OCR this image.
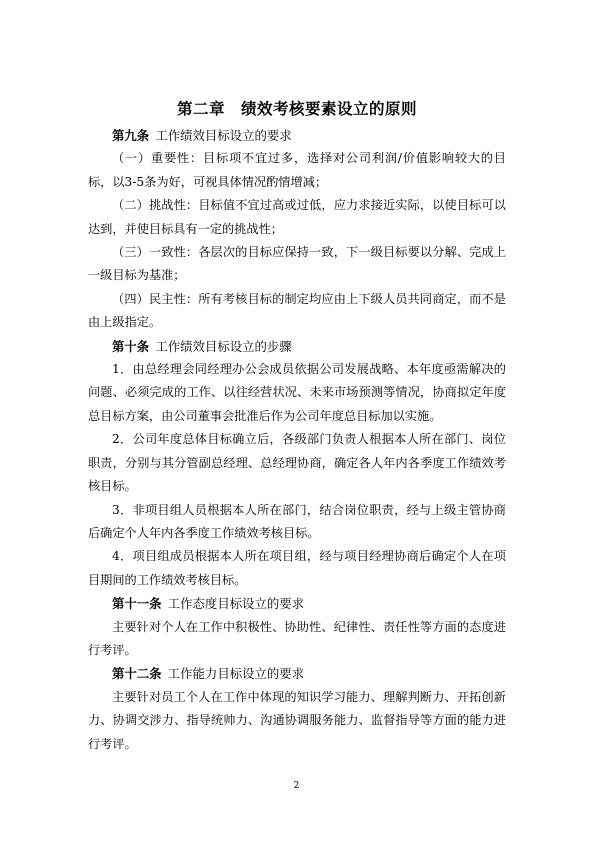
第二章　绩效考核要素设立的原则

第九条  工作绩效目标设立的要求

（一）重要性：目标项不宜过多，选择对公司利润/价值影响较大的目标，以3-5条为好，可视具体情况酌情增减；

（二）挑战性：目标值不宜过高或过低，应力求接近实际，以使目标可以达到，并使目标具有一定的挑战性；

（三）一致性：各层次的目标应保持一致，下一级目标要以分解、完成上一级目标为基准；

（四）民主性：所有考核目标的制定均应由上下级人员共同商定，而不是由上级指定。

第十条  工作绩效目标设立的步骤

1．由总经理会同经理办公会成员依据公司发展战略、本年度亟需解决的问题、必须完成的工作、以往经营状况、未来市场预测等情况，协商拟定年度总目标方案，由公司董事会批准后作为公司年度总目标加以实施。

2．公司年度总体目标确立后，各级部门负责人根据本人所在部门、岗位职责，分别与其分管副总经理、总经理协商，确定各人年内各季度工作绩效考核目标。

3．非项目组人员根据本人所在部门，结合岗位职责，经与上级主管协商后确定个人年内各季度工作绩效考核目标。

4．项目组成员根据本人所在项目组，经与项目经理协商后确定个人在项目期间的工作绩效考核目标。

第十一条  工作态度目标设立的要求

主要针对个人在工作中积极性、协助性、纪律性、责任性等方面的态度进行考评。

第十二条  工作能力目标设立的要求

主要针对员工个人在工作中体现的知识学习能力、理解判断力、开拓创新力、协调交涉力、指导统帅力、沟通协调服务能力、监督指导等方面的能力进行考评。

2
